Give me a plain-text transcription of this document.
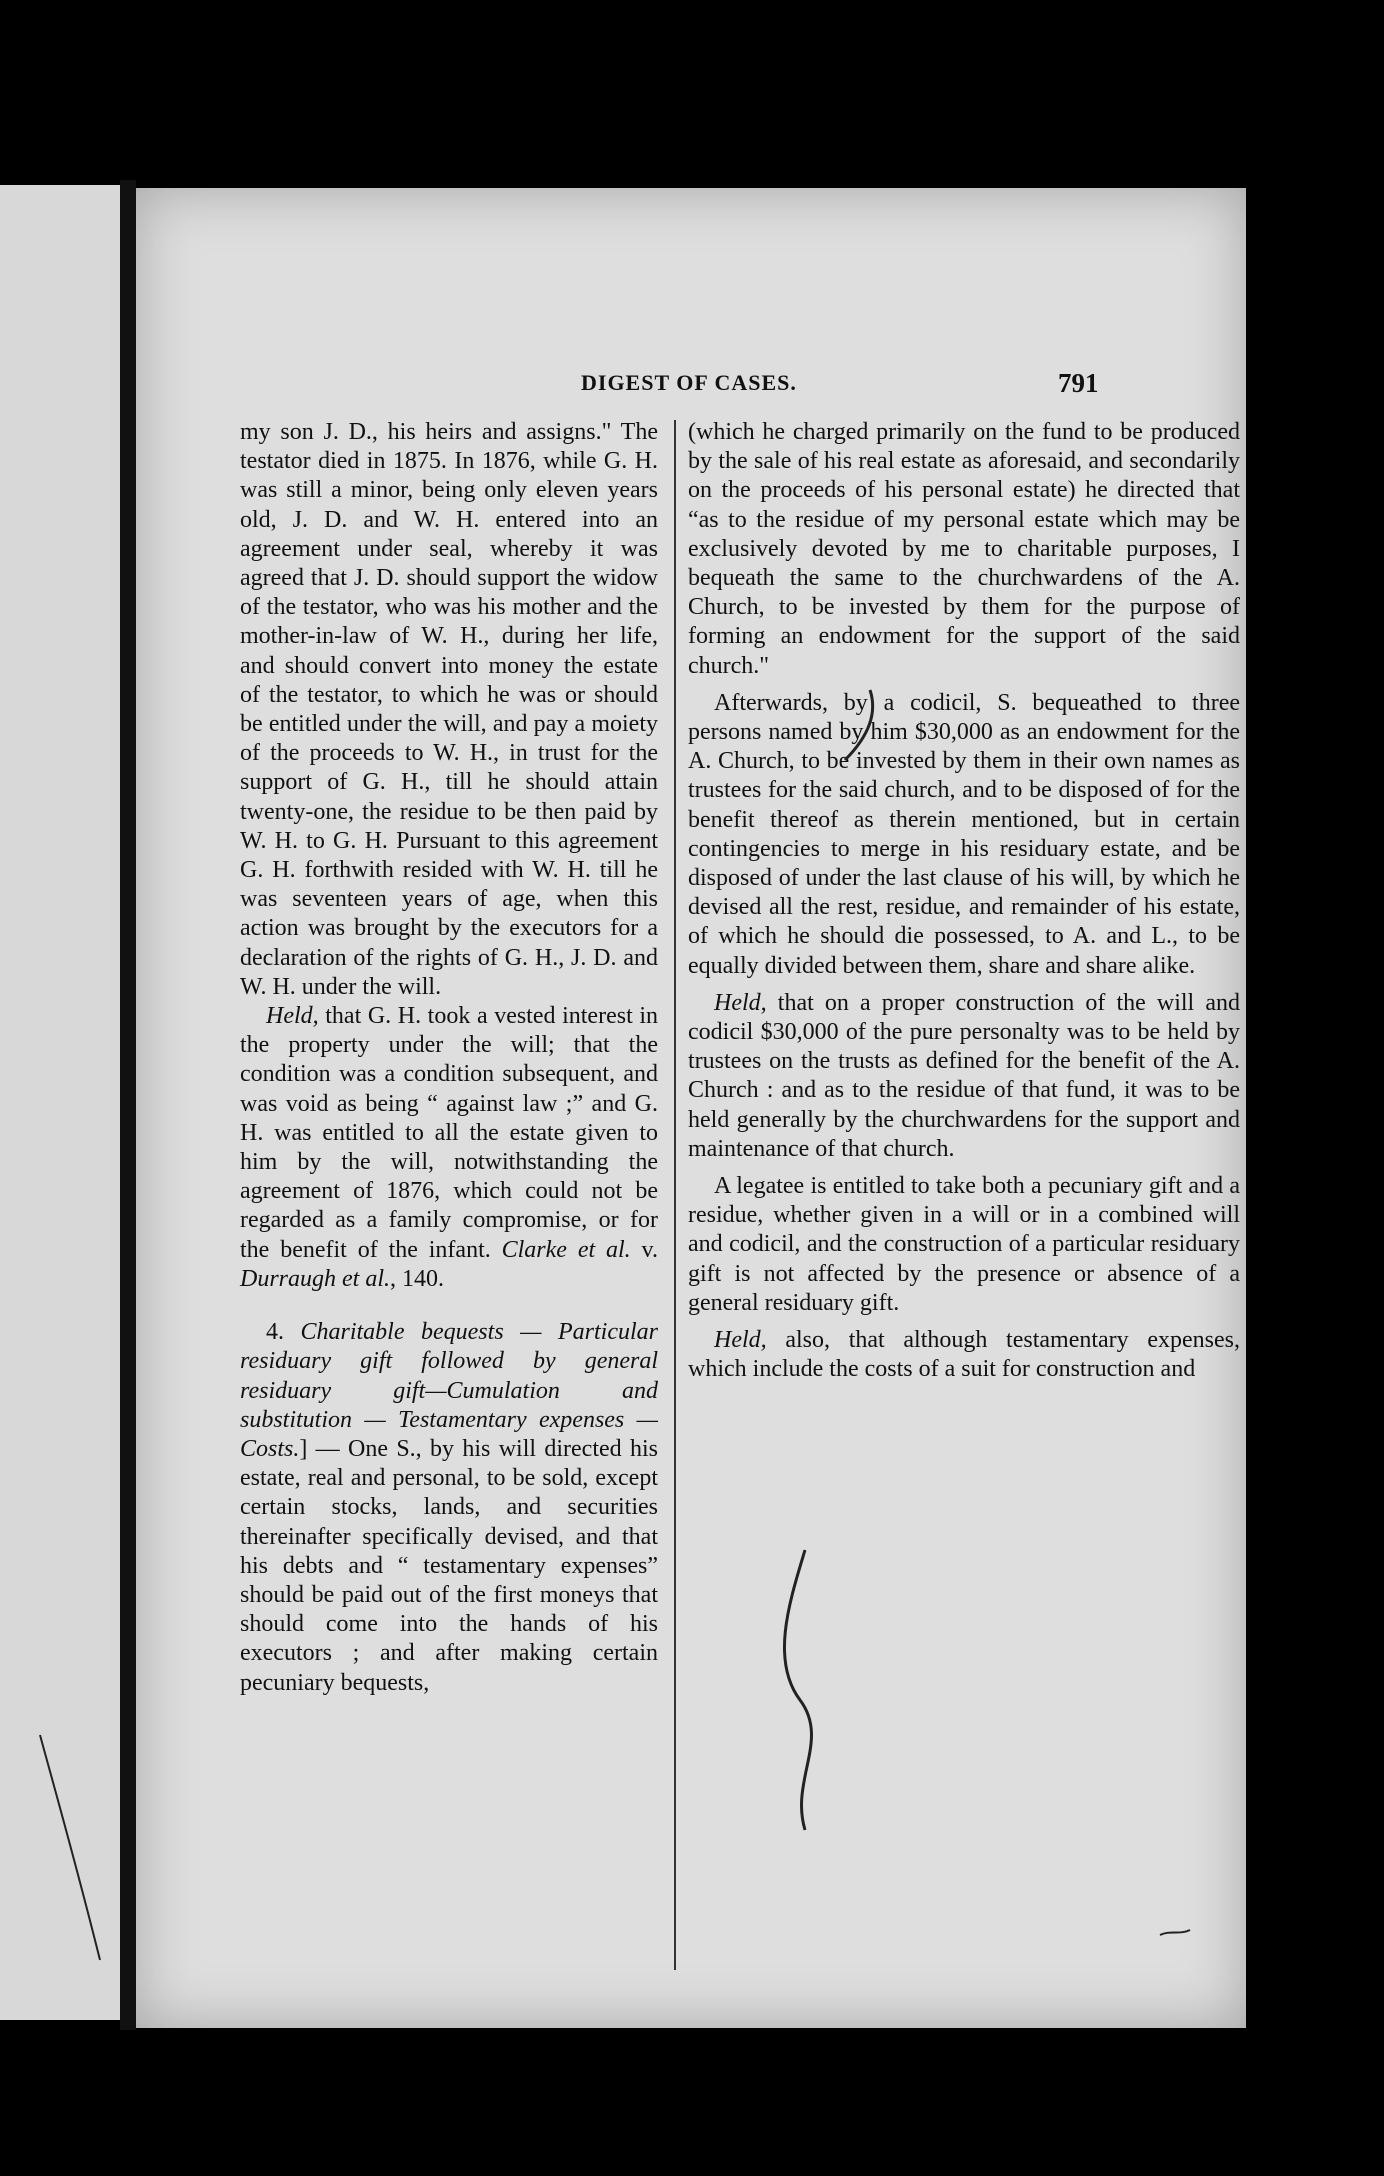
DIGEST OF CASES.	791

my son J. D., his heirs and assigns." The testator died in 1875. In 1876, while G. H. was still a minor, being only eleven years old, J. D. and W. H. entered into an agreement under seal, whereby it was agreed that J. D. should support the widow of the testator, who was his mother and the mother-in-law of W. H., during her life, and should convert into money the estate of the testator, to which he was or should be entitled under the will, and pay a moiety of the proceeds to W. H., in trust for the support of G. H., till he should attain twenty-one, the residue to be then paid by W. H. to G. H. Pursuant to this agreement G. H. forthwith resided with W. H. till he was seventeen years of age, when this action was brought by the executors for a declaration of the rights of G. H., J. D. and W. H. under the will.

Held, that G. H. took a vested interest in the property under the will; that the condition was a condition subsequent, and was void as being “ against law ;” and G. H. was entitled to all the estate given to him by the will, notwithstanding the agreement of 1876, which could not be regarded as a family compromise, or for the benefit of the infant. Clarke et al. v. Durraugh et al., 140.

4. Charitable bequests — Particular residuary gift followed by general residuary gift—Cumulation and substitution — Testamentary expenses — Costs.] — One S., by his will directed his estate, real and personal, to be sold, except certain stocks, lands, and securities thereinafter specifically devised, and that his debts and “ testamentary expenses” should be paid out of the first moneys that should come into the hands of his executors ; and after making certain pecuniary bequests,

(which he charged primarily on the fund to be produced by the sale of his real estate as aforesaid, and secondarily on the proceeds of his personal estate) he directed that “as to the residue of my personal estate which may be exclusively devoted by me to charitable purposes, I bequeath the same to the churchwardens of the A. Church, to be invested by them for the purpose of forming an endowment for the support of the said church."

Afterwards, by a codicil, S. bequeathed to three persons named by him $30,000 as an endowment for the A. Church, to be invested by them in their own names as trustees for the said church, and to be disposed of for the benefit thereof as therein mentioned, but in certain contingencies to merge in his residuary estate, and be disposed of under the last clause of his will, by which he devised all the rest, residue, and remainder of his estate, of which he should die possessed, to A. and L., to be equally divided between them, share and share alike.

Held, that on a proper construction of the will and codicil $30,000 of the pure personalty was to be held by trustees on the trusts as defined for the benefit of the A. Church : and as to the residue of that fund, it was to be held generally by the churchwardens for the support and maintenance of that church.

A legatee is entitled to take both a pecuniary gift and a residue, whether given in a will or in a combined will and codicil, and the construction of a particular residuary gift is not affected by the presence or absence of a general residuary gift.

Held, also, that although testamentary expenses, which include the costs of a suit for construction and
